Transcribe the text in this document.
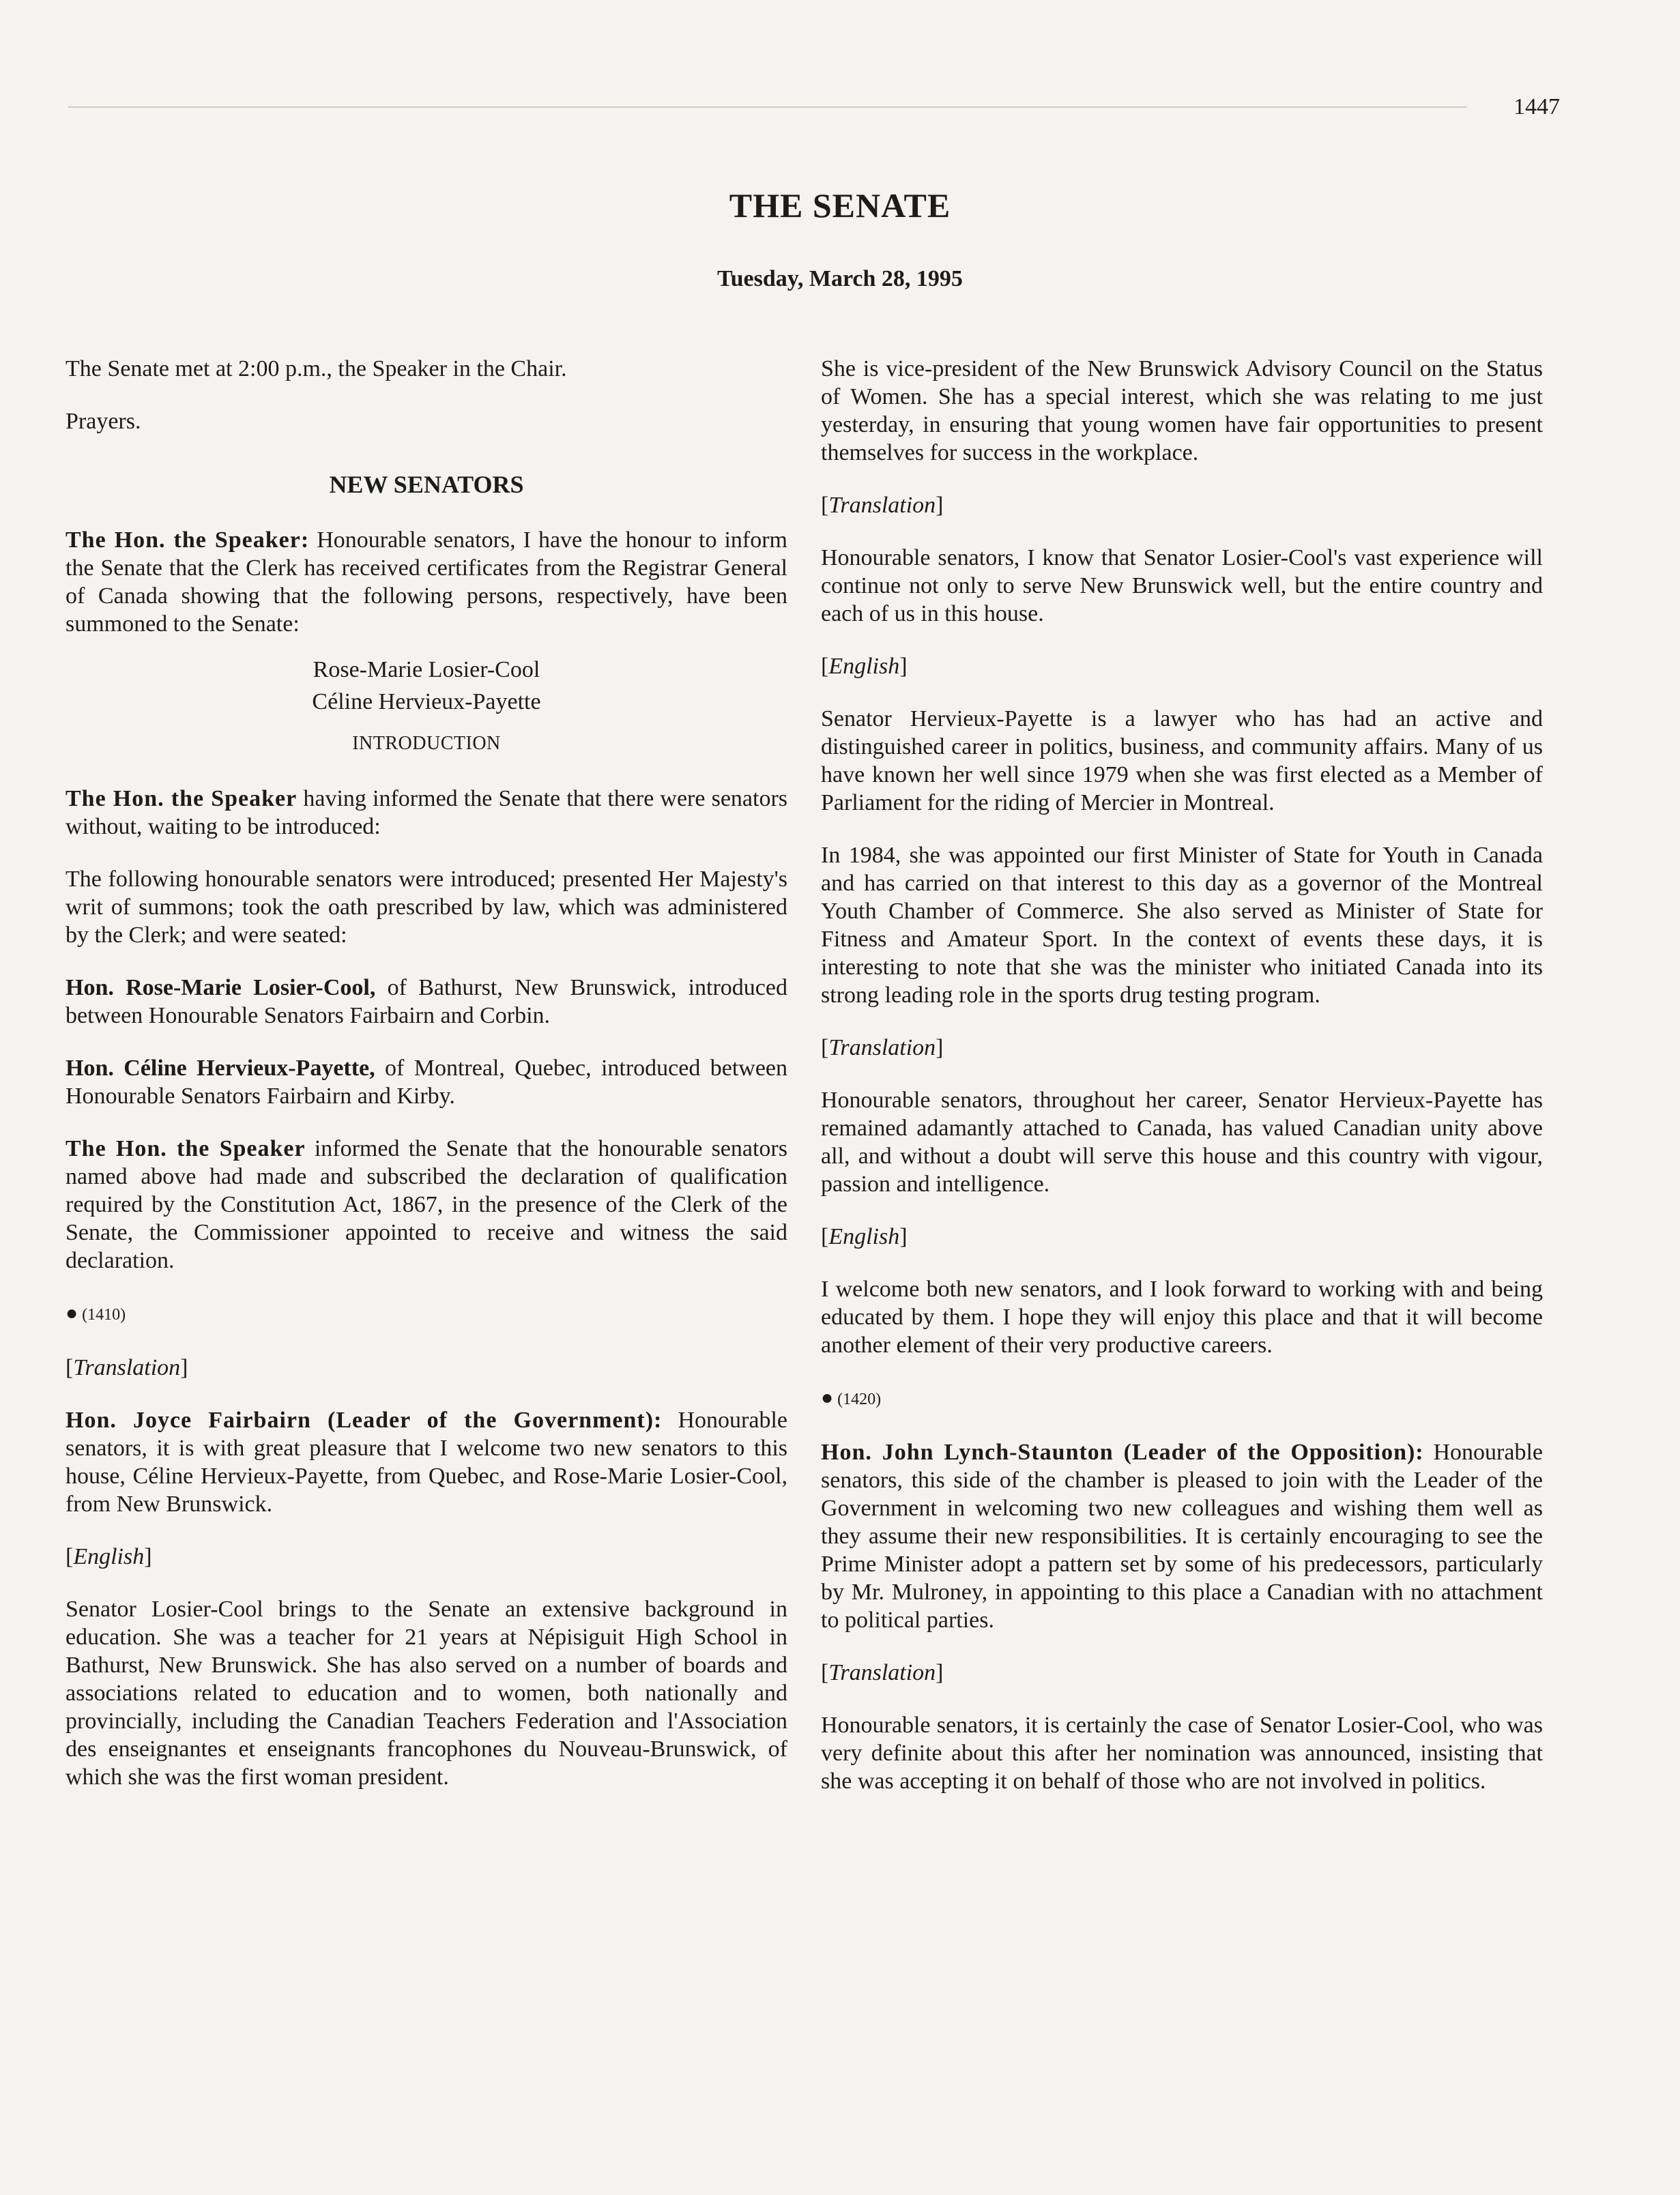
1447
THE SENATE
Tuesday, March 28, 1995

The Senate met at 2:00 p.m., the Speaker in the Chair.

Prayers.

NEW SENATORS

The Hon. the Speaker: Honourable senators, I have the honour to inform the Senate that the Clerk has received certificates from the Registrar General of Canada showing that the following persons, respectively, have been summoned to the Senate:

Rose-Marie Losier-Cool
Céline Hervieux-Payette
INTRODUCTION

The Hon. the Speaker having informed the Senate that there were senators without, waiting to be introduced:

The following honourable senators were introduced; presented Her Majesty's writ of summons; took the oath prescribed by law, which was administered by the Clerk; and were seated:

Hon. Rose-Marie Losier-Cool, of Bathurst, New Brunswick, introduced between Honourable Senators Fairbairn and Corbin.

Hon. Céline Hervieux-Payette, of Montreal, Quebec, introduced between Honourable Senators Fairbairn and Kirby.

The Hon. the Speaker informed the Senate that the honourable senators named above had made and subscribed the declaration of qualification required by the Constitution Act, 1867, in the presence of the Clerk of the Senate, the Commissioner appointed to receive and witness the said declaration.

● (1410)
[Translation]

Hon. Joyce Fairbairn (Leader of the Government): Honourable senators, it is with great pleasure that I welcome two new senators to this house, Céline Hervieux-Payette, from Quebec, and Rose-Marie Losier-Cool, from New Brunswick.

[English]

Senator Losier-Cool brings to the Senate an extensive background in education. She was a teacher for 21 years at Népisiguit High School in Bathurst, New Brunswick. She has also served on a number of boards and associations related to education and to women, both nationally and provincially, including the Canadian Teachers Federation and l'Association des enseignantes et enseignants francophones du Nouveau-Brunswick, of which she was the first woman president.

She is vice-president of the New Brunswick Advisory Council on the Status of Women. She has a special interest, which she was relating to me just yesterday, in ensuring that young women have fair opportunities to present themselves for success in the workplace.

[Translation]

Honourable senators, I know that Senator Losier-Cool's vast experience will continue not only to serve New Brunswick well, but the entire country and each of us in this house.

[English]

Senator Hervieux-Payette is a lawyer who has had an active and distinguished career in politics, business, and community affairs. Many of us have known her well since 1979 when she was first elected as a Member of Parliament for the riding of Mercier in Montreal.

In 1984, she was appointed our first Minister of State for Youth in Canada and has carried on that interest to this day as a governor of the Montreal Youth Chamber of Commerce. She also served as Minister of State for Fitness and Amateur Sport. In the context of events these days, it is interesting to note that she was the minister who initiated Canada into its strong leading role in the sports drug testing program.

[Translation]

Honourable senators, throughout her career, Senator Hervieux-Payette has remained adamantly attached to Canada, has valued Canadian unity above all, and without a doubt will serve this house and this country with vigour, passion and intelligence.

[English]

I welcome both new senators, and I look forward to working with and being educated by them. I hope they will enjoy this place and that it will become another element of their very productive careers.

● (1420)

Hon. John Lynch-Staunton (Leader of the Opposition): Honourable senators, this side of the chamber is pleased to join with the Leader of the Government in welcoming two new colleagues and wishing them well as they assume their new responsibilities. It is certainly encouraging to see the Prime Minister adopt a pattern set by some of his predecessors, particularly by Mr. Mulroney, in appointing to this place a Canadian with no attachment to political parties.

[Translation]

Honourable senators, it is certainly the case of Senator Losier-Cool, who was very definite about this after her nomination was announced, insisting that she was accepting it on behalf of those who are not involved in politics.
